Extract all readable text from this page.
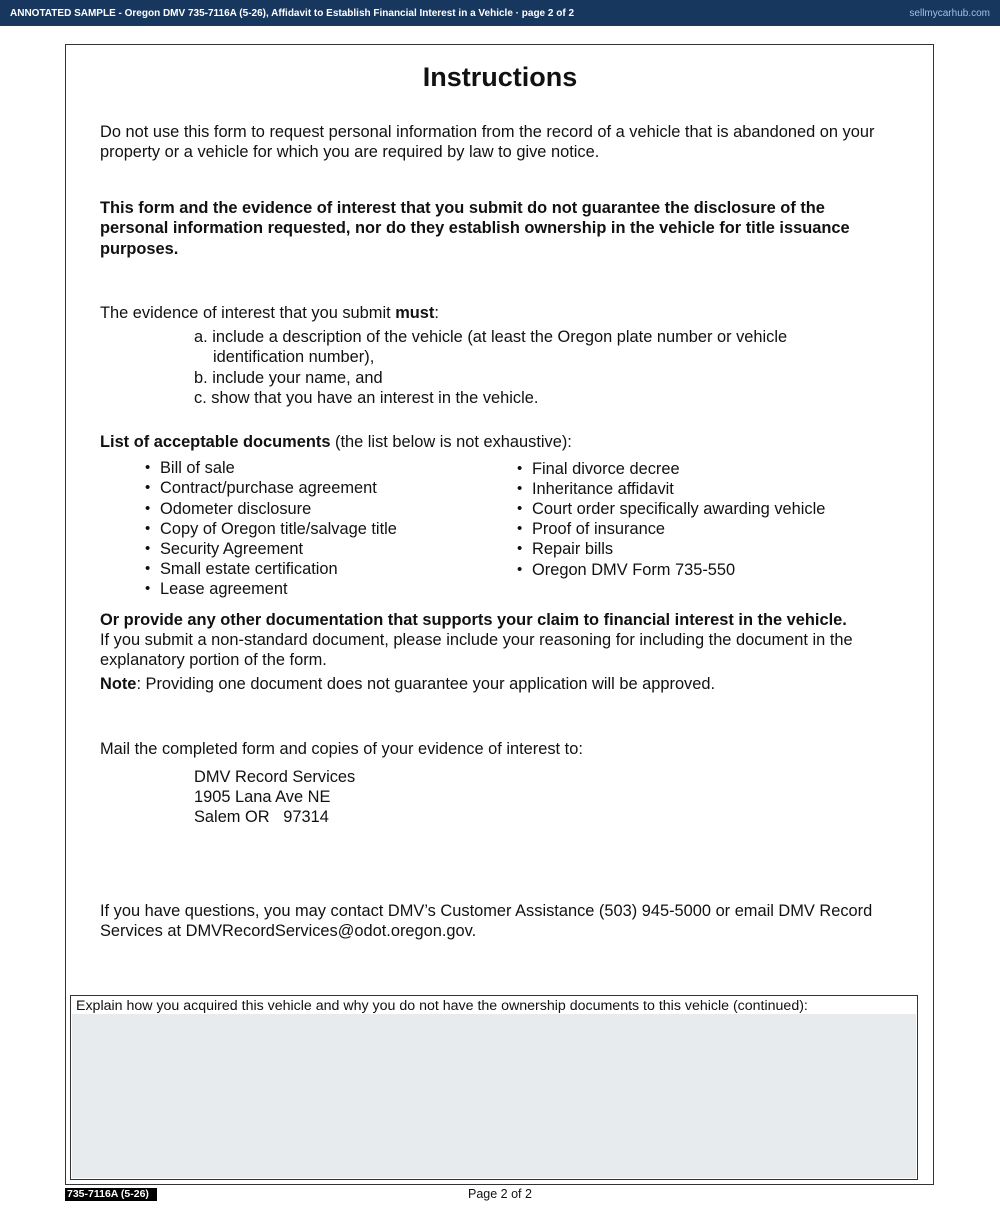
ANNOTATED SAMPLE - Oregon DMV 735-7116A (5-26), Affidavit to Establish Financial Interest in a Vehicle · page 2 of 2	sellmycarhub.com
Instructions
Do not use this form to request personal information from the record of a vehicle that is abandoned on your property or a vehicle for which you are required by law to give notice.
This form and the evidence of interest that you submit do not guarantee the disclosure of the personal information requested, nor do they establish ownership in the vehicle for title issuance purposes.
The evidence of interest that you submit must:
a. include a description of the vehicle (at least the Oregon plate number or vehicle
identification number),
b. include your name, and
c. show that you have an interest in the vehicle.
List of acceptable documents (the list below is not exhaustive):
• Bill of sale
• Contract/purchase agreement
• Odometer disclosure
• Copy of Oregon title/salvage title
• Security Agreement
• Small estate certification
• Lease agreement
• Final divorce decree
• Inheritance affidavit
• Court order specifically awarding vehicle
• Proof of insurance
• Repair bills
• Oregon DMV Form 735-550
Or provide any other documentation that supports your claim to financial interest in the vehicle.
If you submit a non-standard document, please include your reasoning for including the document in the explanatory portion of the form.
Note: Providing one document does not guarantee your application will be approved.
Mail the completed form and copies of your evidence of interest to:
DMV Record Services
1905 Lana Ave NE
Salem OR   97314
If you have questions, you may contact DMV’s Customer Assistance (503) 945-5000 or email DMV Record Services at DMVRecordServices@odot.oregon.gov.
Explain how you acquired this vehicle and why you do not have the ownership documents to this vehicle (continued):
735-7116A (5-26)	Page 2 of 2
